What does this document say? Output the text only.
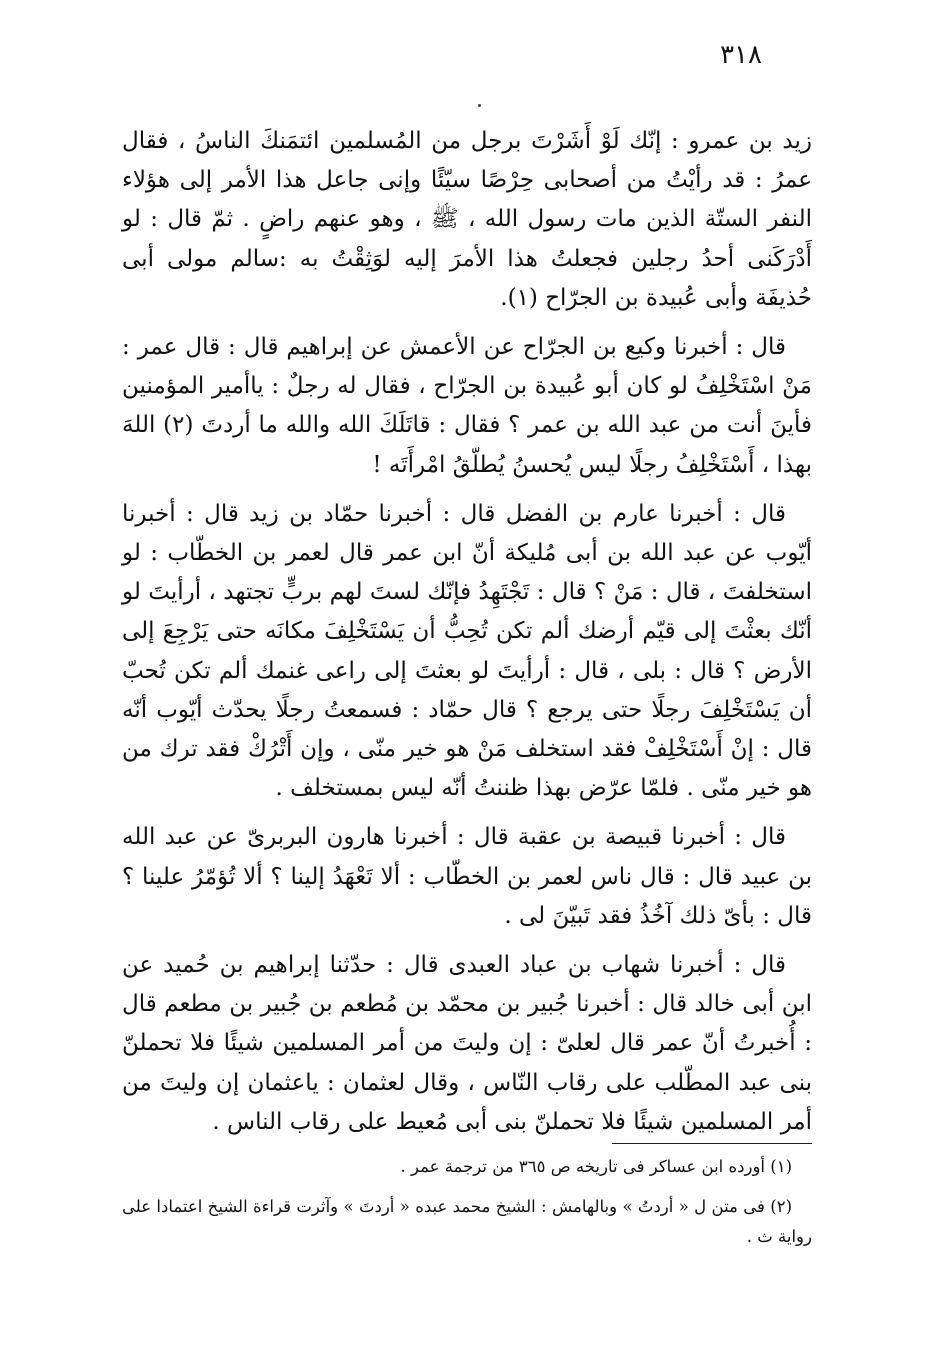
٣١٨

زيد بن عمرو : إنّك لَوْ أَشَرْتَ برجل من المُسلمين ائتمَنكَ الناسُ ، فقال عمرُ : قد رأيْتُ من أصحابى حِرْصًا سيّئًا وإنى جاعل هذا الأمر إلى هؤلاء النفر الستّة الذين مات رسول الله ، ﷺ ، وهو عنهم راضٍ . ثمّ قال : لو أَدْرَكَنى أحدُ رجلين فجعلتُ هذا الأمرَ إليه لوَثِقْتُ به :سالم مولى أبى حُذيفَة وأبى عُبيدة بن الجرّاح (١).

قال : أخبرنا وكيع بن الجرّاح عن الأعمش عن إبراهيم قال : قال عمر : مَنْ اسْتَخْلِفُ لو كان أبو عُبيدة بن الجرّاح ، فقال له رجلٌ : ياأمير المؤمنين فأينَ أنت من عبد الله بن عمر ؟ فقال : قاتَلَكَ الله والله ما أردتَ (٢) اللهَ بهذا ، أَسْتَخْلِفُ رجلًا ليس يُحسنُ يُطلّقُ امْرأَتَه !

قال : أخبرنا عارم بن الفضل قال : أخبرنا حمّاد بن زيد قال : أخبرنا أيّوب عن عبد الله بن أبى مُليكة أنّ ابن عمر قال لعمر بن الخطّاب : لو استخلفتَ ، قال : مَنْ ؟ قال : تَجْتَهِدُ فإنّك لستَ لهم بربٍّ تجتهد ، أرأيتَ لو أنّك بعثْتَ إلى قيّم أرضك ألم تكن تُحِبُّ أن يَسْتَخْلِفَ مكانَه حتى يَرْجِعَ إلى الأرض ؟ قال : بلى ، قال : أرأيتَ لو بعثتَ إلى راعى غنمك ألم تكن تُحبّ أن يَسْتَخْلِفَ رجلًا حتى يرجع ؟ قال حمّاد : فسمعتُ رجلًا يحدّث أيّوب أنّه قال : إنْ أَسْتَخْلِفْ فقد استخلف مَنْ هو خير منّى ، وإن أَتْرُكْ فقد ترك من هو خير منّى . فلمّا عرّض بهذا ظننتُ أنّه ليس بمستخلف .

قال : أخبرنا قبيصة بن عقبة قال : أخبرنا هارون البربرىّ عن عبد الله بن عبيد قال : قال ناس لعمر بن الخطّاب : ألا تَعْهَدُ إلينا ؟ ألا تُؤمّرُ علينا ؟ قال : بأىّ ذلك آخُذُ فقد تَبيّنَ لى .

قال : أخبرنا شهاب بن عباد العبدى قال : حدّثنا إبراهيم بن حُميد عن ابن أبى خالد قال : أخبرنا جُبير بن محمّد بن مُطعم بن جُبير بن مطعم قال : أُخبرتُ أنّ عمر قال لعلىّ : إن وليتَ من أمر المسلمين شيئًا فلا تحملنّ بنى عبد المطّلب على رقاب النّاس ، وقال لعثمان : ياعثمان إن وليتَ من أمر المسلمين شيئًا فلا تحملنّ بنى أبى مُعيط على رقاب الناس .

(١) أورده ابن عساكر فى تاريخه ص ٣٦٥ من ترجمة عمر .

(٢) فى متن ل « أردتُ » وبالهامش : الشيخ محمد عبده « أردتَ » وآثرت قراءة الشيخ اعتمادا على رواية ث .
